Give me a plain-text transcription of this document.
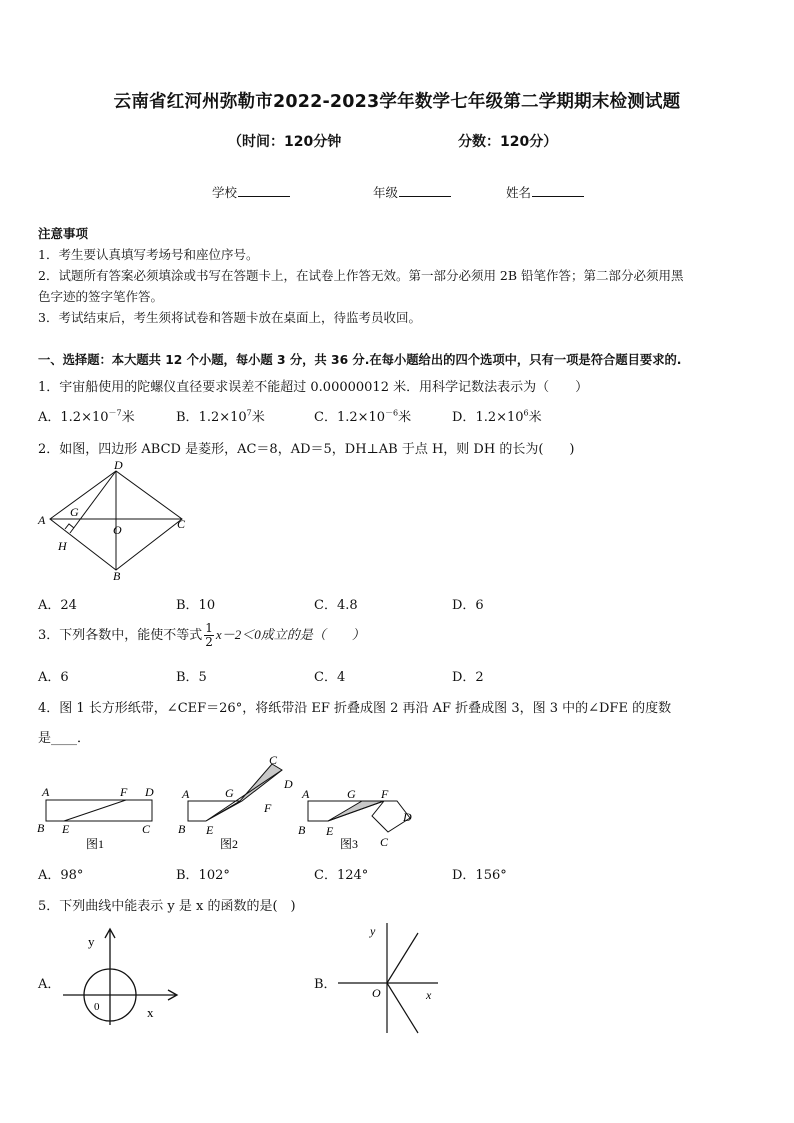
云南省红河州弥勒市2022-2023学年数学七年级第二学期期末检测试题
（时间：120分钟	分数：120分）
学校	年级	姓名
注意事项
1．考生要认真填写考场号和座位序号。
2．试题所有答案必须填涂或书写在答题卡上，在试卷上作答无效。第一部分必须用 2B 铅笔作答；第二部分必须用黑
色字迹的签字笔作答。
3．考试结束后，考生须将试卷和答题卡放在桌面上，待监考员收回。
一、选择题：本大题共 12 个小题，每小题 3 分，共 36 分.在每小题给出的四个选项中，只有一项是符合题目要求的.
1．宇宙船使用的陀螺仪直径要求误差不能超过 0.00000012 米．用科学记数法表示为（　　）
A．$1.2\times 10^{-7}$米	B．$1.2\times 10^7$米	C．$1.2\times 10^{-6}$米	D．$1.2\times 10^6$米
2．如图，四边形 ABCD 是菱形，AC＝8，AD＝5，DH⊥AB 于点 H，则 DH 的长为(　　)
A
D
C
B
G
H
O
A．24	B．10	C．4.8	D．6
3．下列各数中，能使不等式 $\frac{1}{2} x-2<0$成立的是（　　）
A．6	B．5	C．4	D．2
4．图 1 长方形纸带，∠CEF＝26°，将纸带沿 EF 折叠成图 2 再沿 AF 折叠成图 3，图 3 中的∠DFE 的度数
是____．
A	F D
B E	C
图1
A	G
C
D
F
B E
图2
A	G F
D
C
B E
图3
A．98°	B．102°	C．124°	D．156°
5．下列曲线中能表示 y 是 x 的函数的是(　)
A．
y
0	x
B．
y
O	x
